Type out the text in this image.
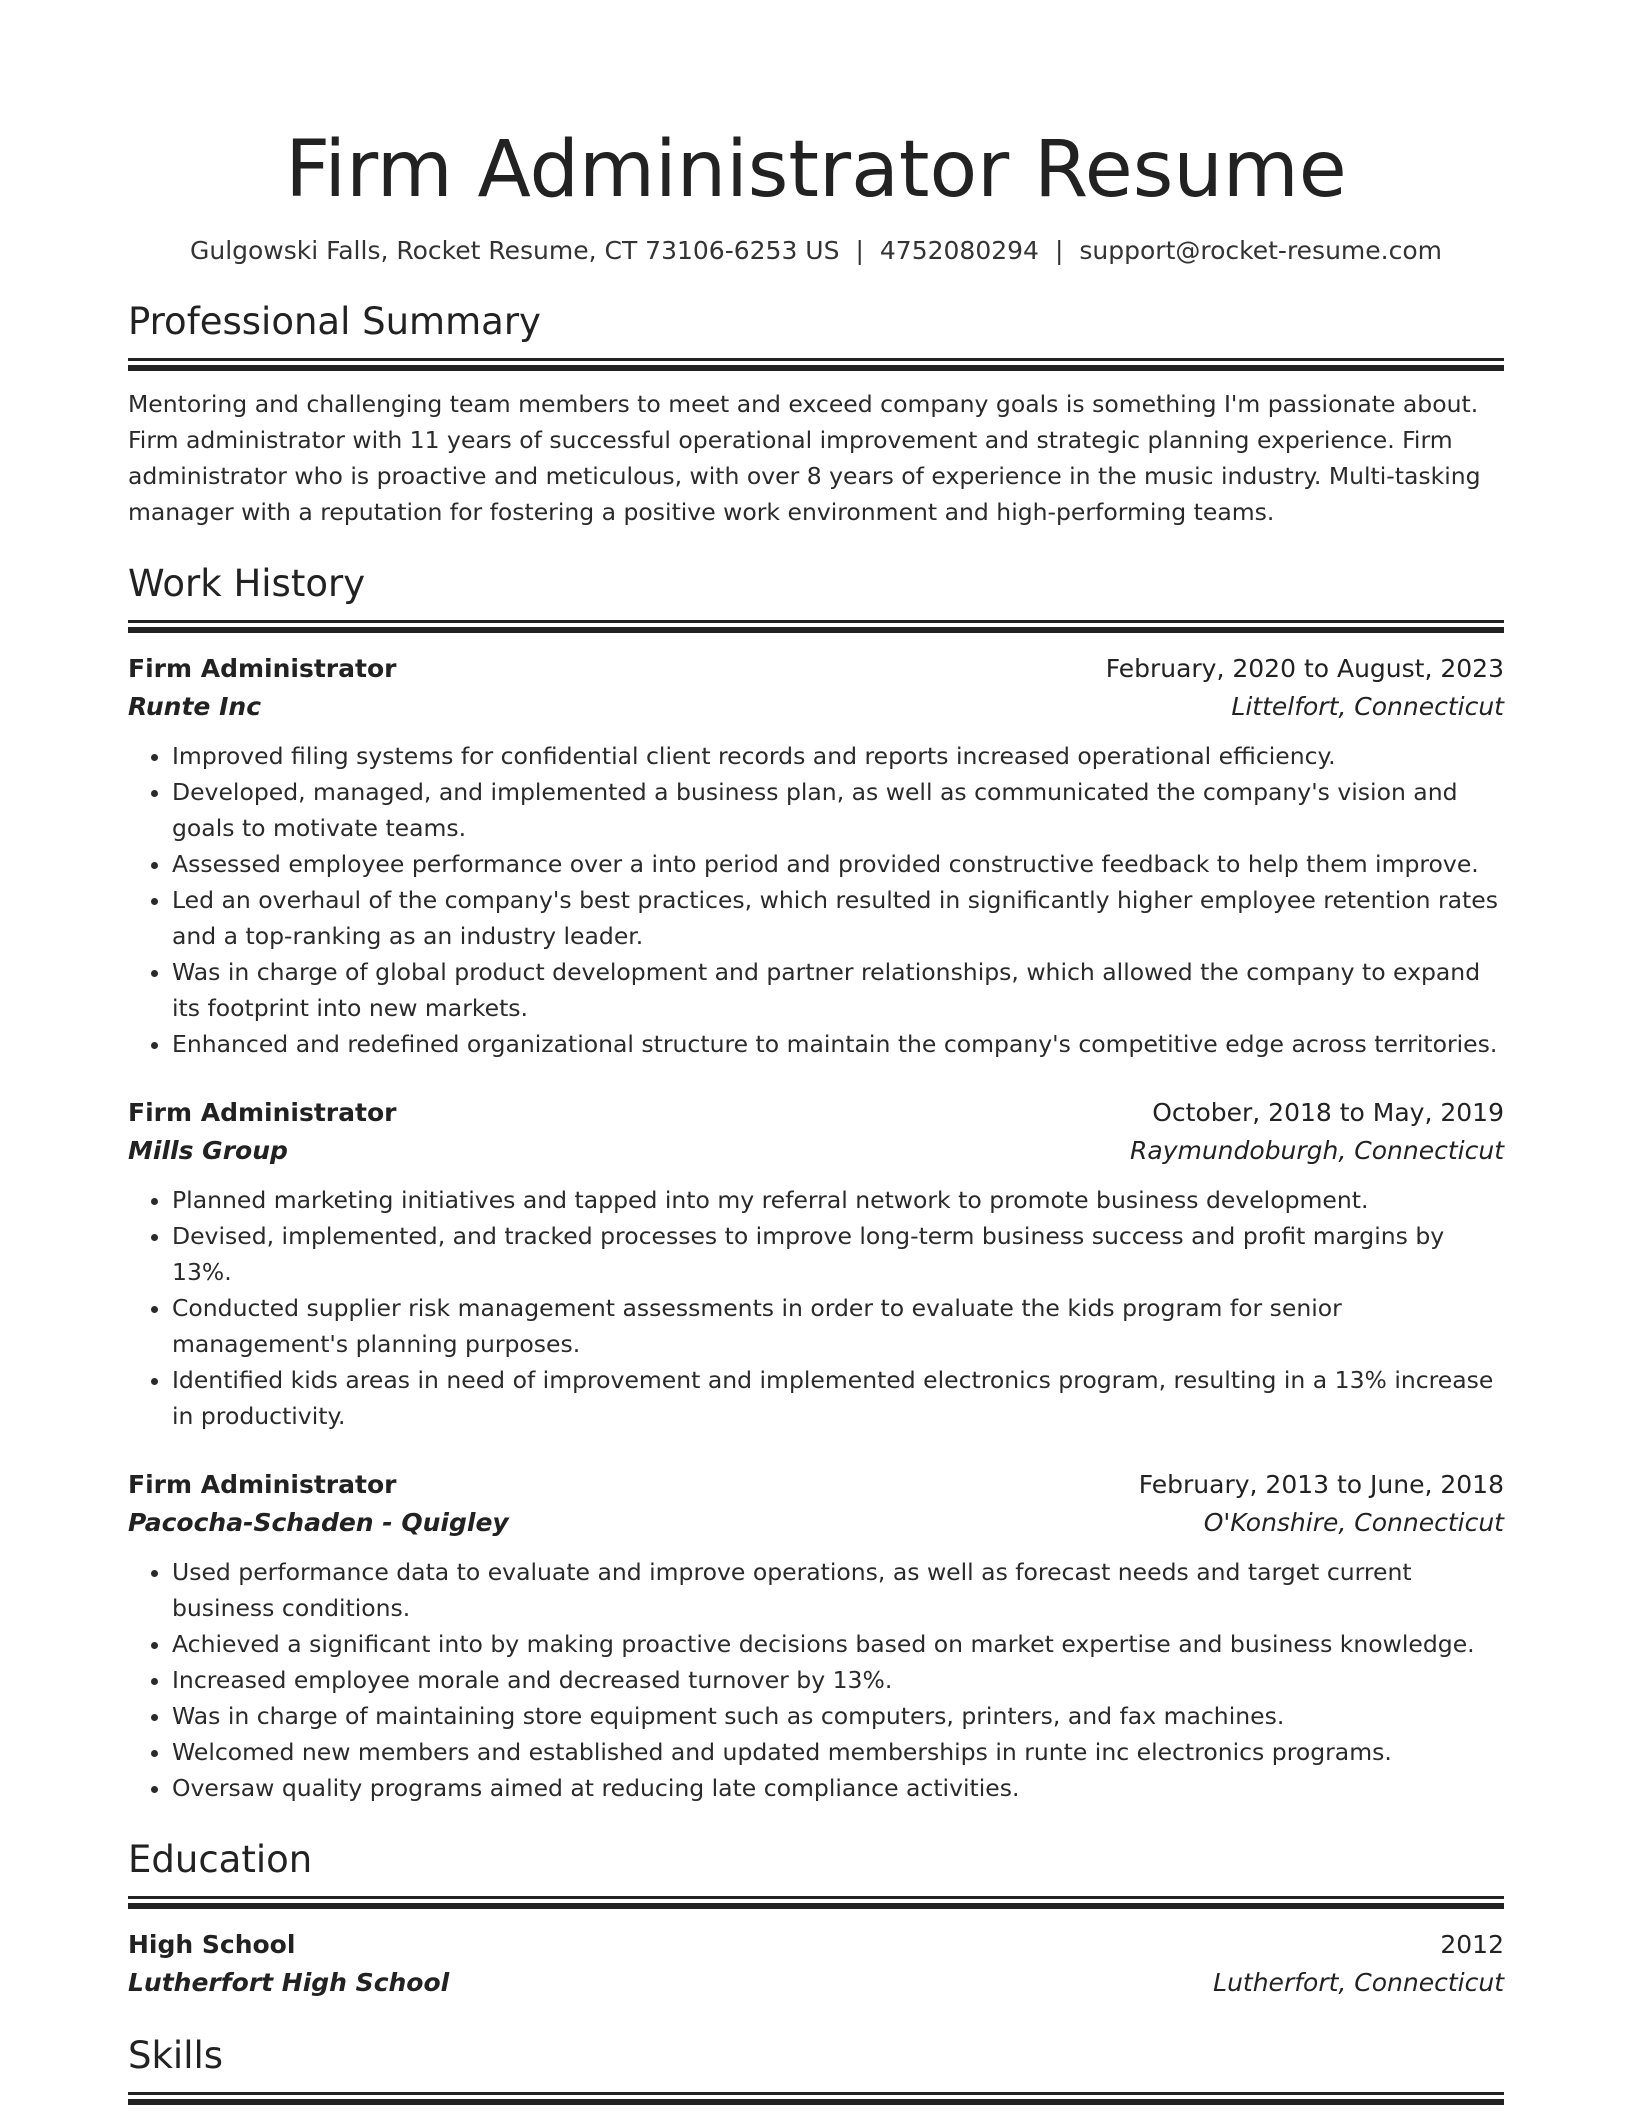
Firm Administrator Resume
Gulgowski Falls, Rocket Resume, CT 73106-6253 US | 4752080294 | support@rocket-resume.com
Professional Summary
Mentoring and challenging team members to meet and exceed company goals is something I'm passionate about. Firm administrator with 11 years of successful operational improvement and strategic planning experience. Firm administrator who is proactive and meticulous, with over 8 years of experience in the music industry. Multi-tasking manager with a reputation for fostering a positive work environment and high-performing teams.
Work History
Firm Administrator	February, 2020 to August, 2023
Runte Inc	Littelfort, Connecticut
• Improved filing systems for confidential client records and reports increased operational efficiency.
• Developed, managed, and implemented a business plan, as well as communicated the company's vision and goals to motivate teams.
• Assessed employee performance over a into period and provided constructive feedback to help them improve.
• Led an overhaul of the company's best practices, which resulted in significantly higher employee retention rates and a top-ranking as an industry leader.
• Was in charge of global product development and partner relationships, which allowed the company to expand its footprint into new markets.
• Enhanced and redefined organizational structure to maintain the company's competitive edge across territories.
Firm Administrator	October, 2018 to May, 2019
Mills Group	Raymundoburgh, Connecticut
• Planned marketing initiatives and tapped into my referral network to promote business development.
• Devised, implemented, and tracked processes to improve long-term business success and profit margins by 13%.
• Conducted supplier risk management assessments in order to evaluate the kids program for senior management's planning purposes.
• Identified kids areas in need of improvement and implemented electronics program, resulting in a 13% increase in productivity.
Firm Administrator	February, 2013 to June, 2018
Pacocha-Schaden - Quigley	O'Konshire, Connecticut
• Used performance data to evaluate and improve operations, as well as forecast needs and target current business conditions.
• Achieved a significant into by making proactive decisions based on market expertise and business knowledge.
• Increased employee morale and decreased turnover by 13%.
• Was in charge of maintaining store equipment such as computers, printers, and fax machines.
• Welcomed new members and established and updated memberships in runte inc electronics programs.
• Oversaw quality programs aimed at reducing late compliance activities.
Education
High School	2012
Lutherfort High School	Lutherfort, Connecticut
Skills
